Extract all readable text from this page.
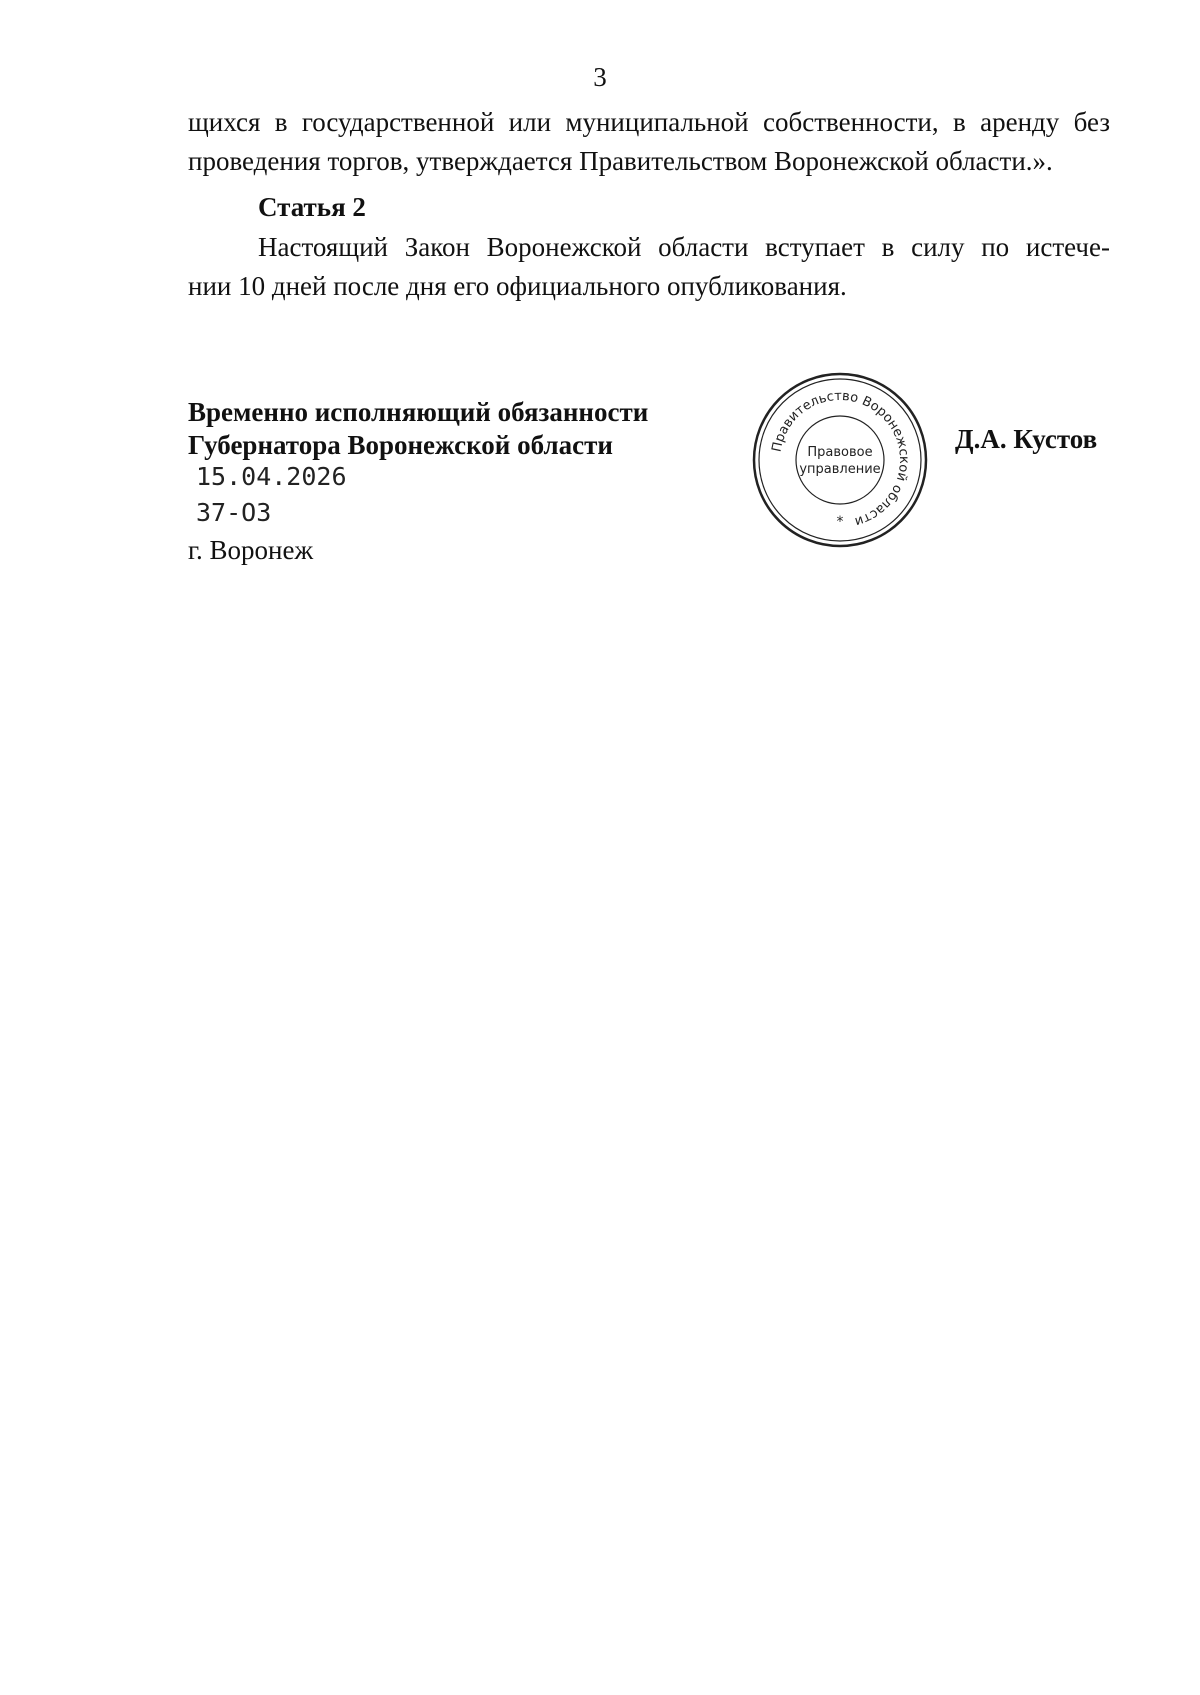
3
щихся в государственной или муниципальной собственности, в аренду без
проведения торгов, утверждается Правительством Воронежской области.».
Статья 2
Настоящий Закон Воронежской области вступает в силу по истече-
нии 10 дней после дня его официального опубликования.
Временно исполняющий обязанности
Губернатора Воронежской области	Правительство Воронежской области
Правовое
управление
*
Д.А. Кустов
15.04.2026
37-ОЗ
г. Воронеж
